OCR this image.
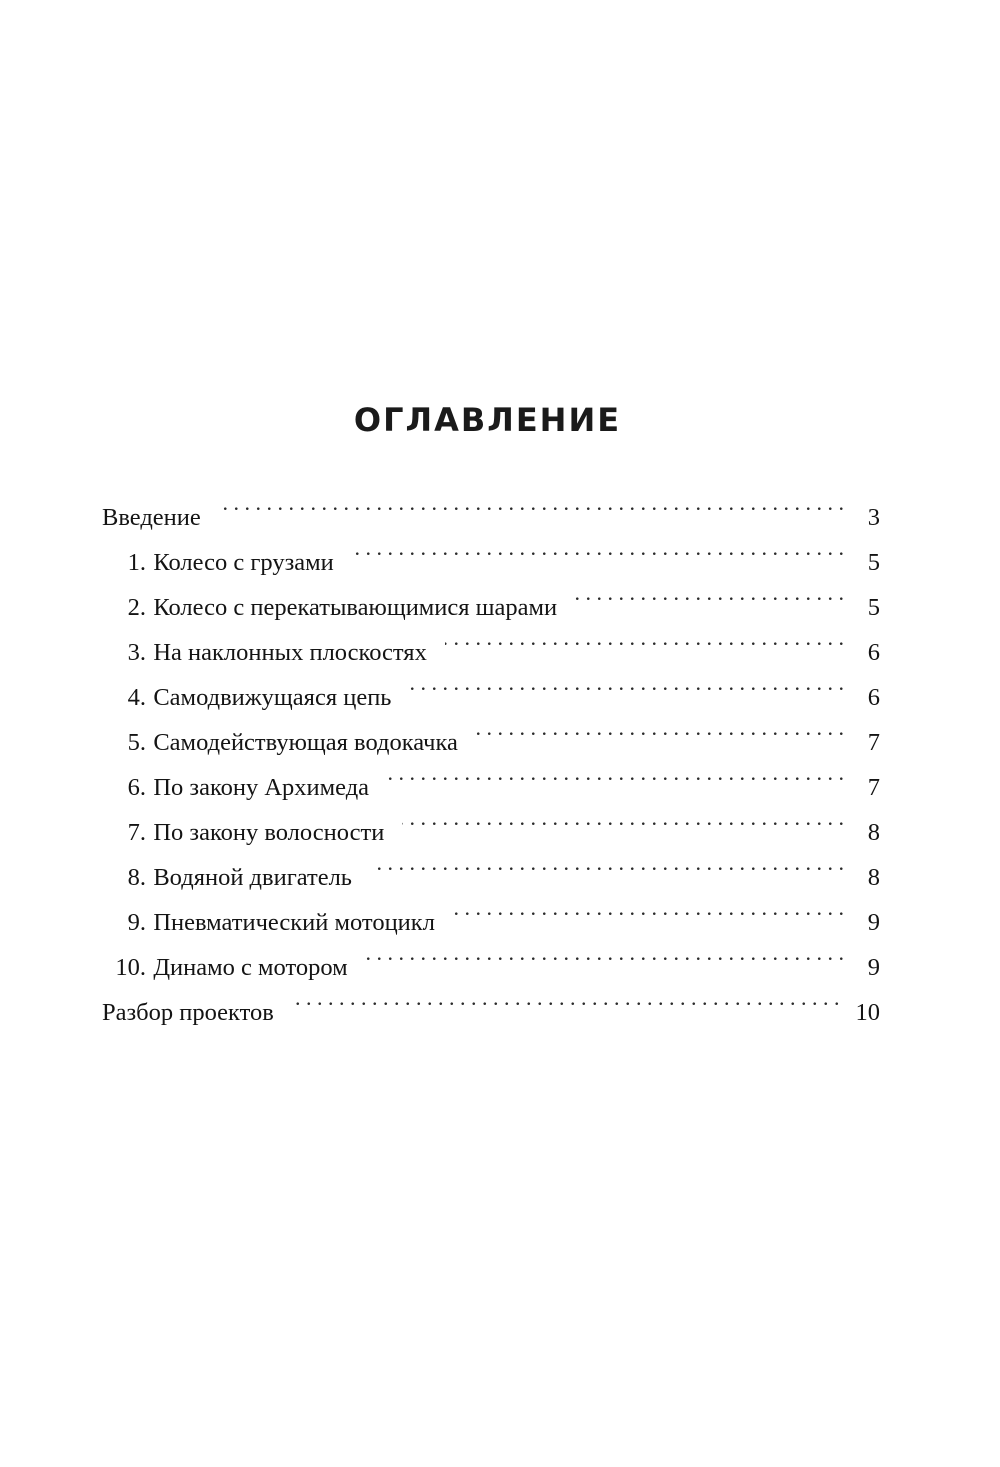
ОГЛАВЛЕНИЕ
Введение . . .	3
1. Колесо с грузами . . .	5
2. Колесо с перекатывающимися шарами . . .	5
3. На наклонных плоскостях . . .	6
4. Самодвижущаяся цепь . . .	6
5. Самодействующая водокачка . . .	7
6. По закону Архимеда . . .	7
7. По закону волосности . . .	8
8. Водяной двигатель . . .	8
9. Пневматический мотоцикл . . .	9
10. Динамо с мотором . . .	9
Разбор проектов . . .	10
